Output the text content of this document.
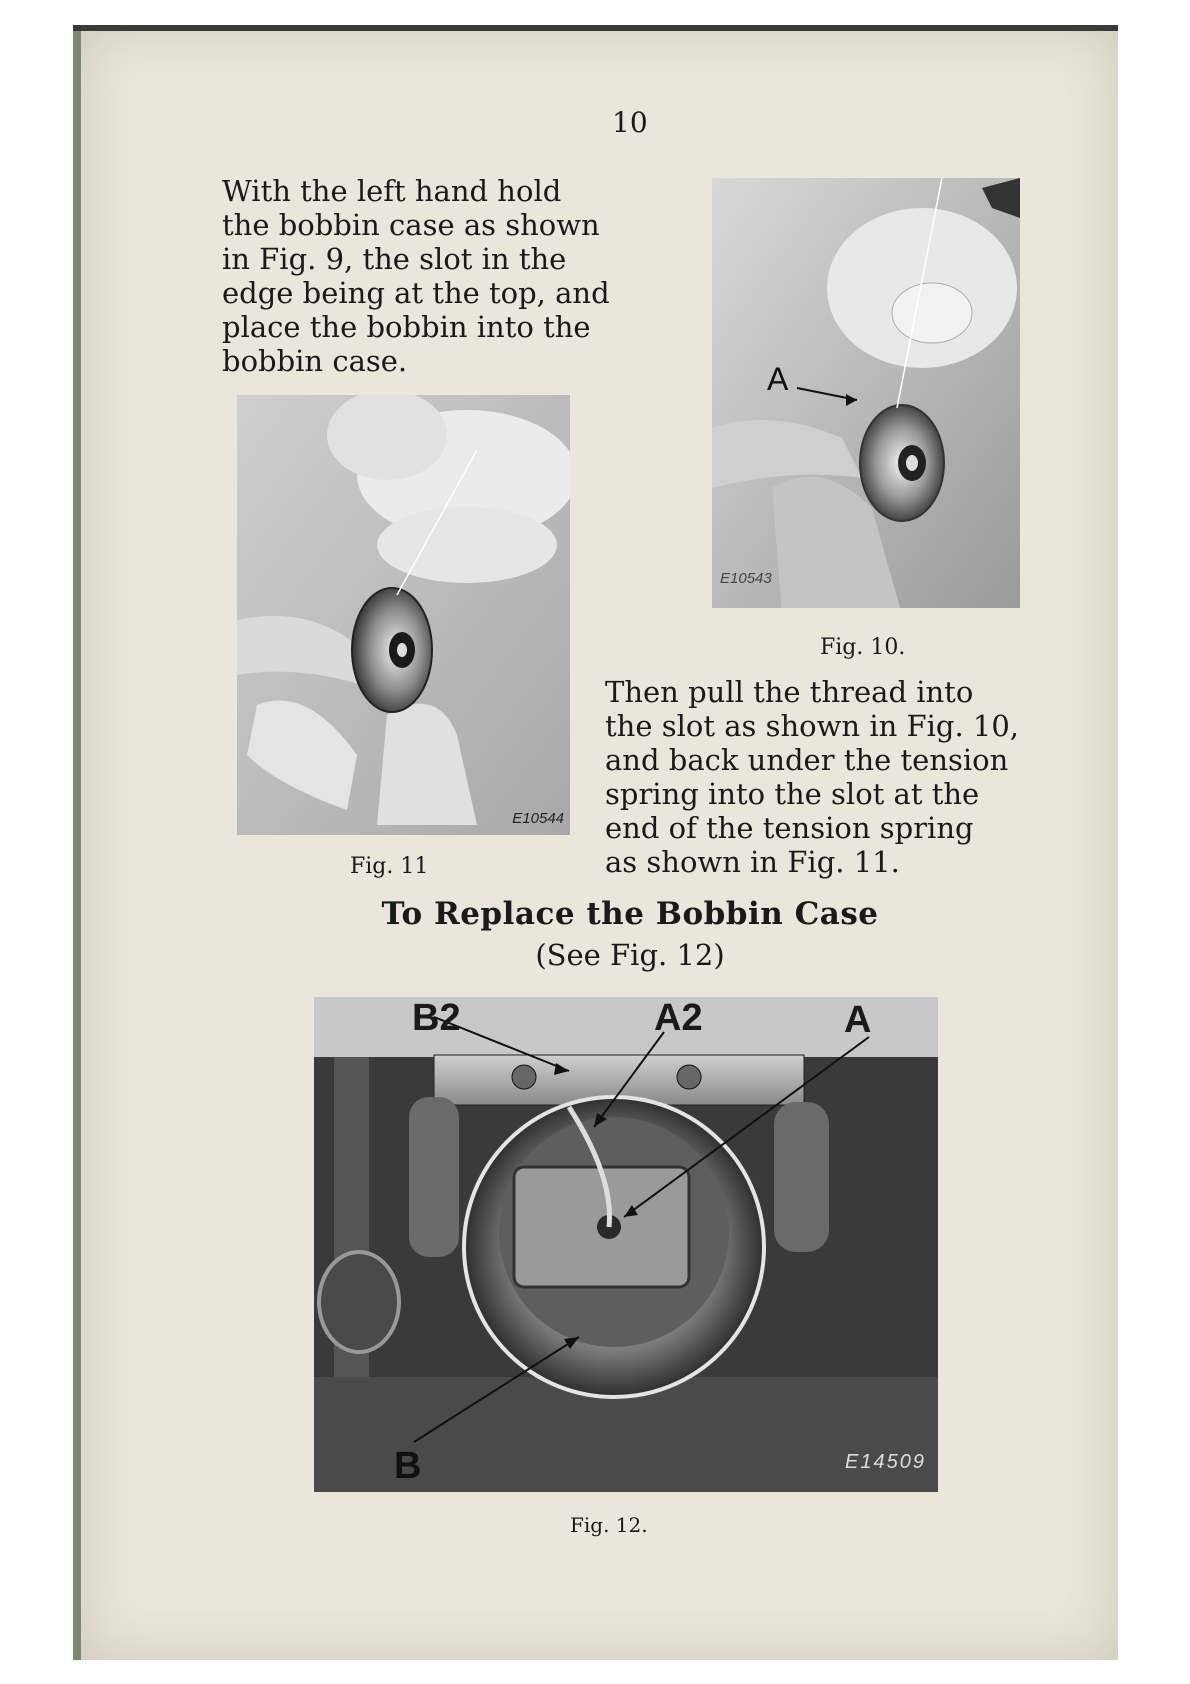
10
With the left hand hold
the bobbin case as shown
in Fig. 9, the slot in the
edge being at the top, and
place the bobbin into the
bobbin case.	A
E10543
Fig. 10.
E10544
Fig. 11
Then pull the thread into
the slot as shown in Fig. 10,
and back under the tension
spring into the slot at the
end of the tension spring
as shown in Fig. 11.
To Replace the Bobbin Case
(See Fig. 12)
B2	A2	A
B	E14509
Fig. 12.
